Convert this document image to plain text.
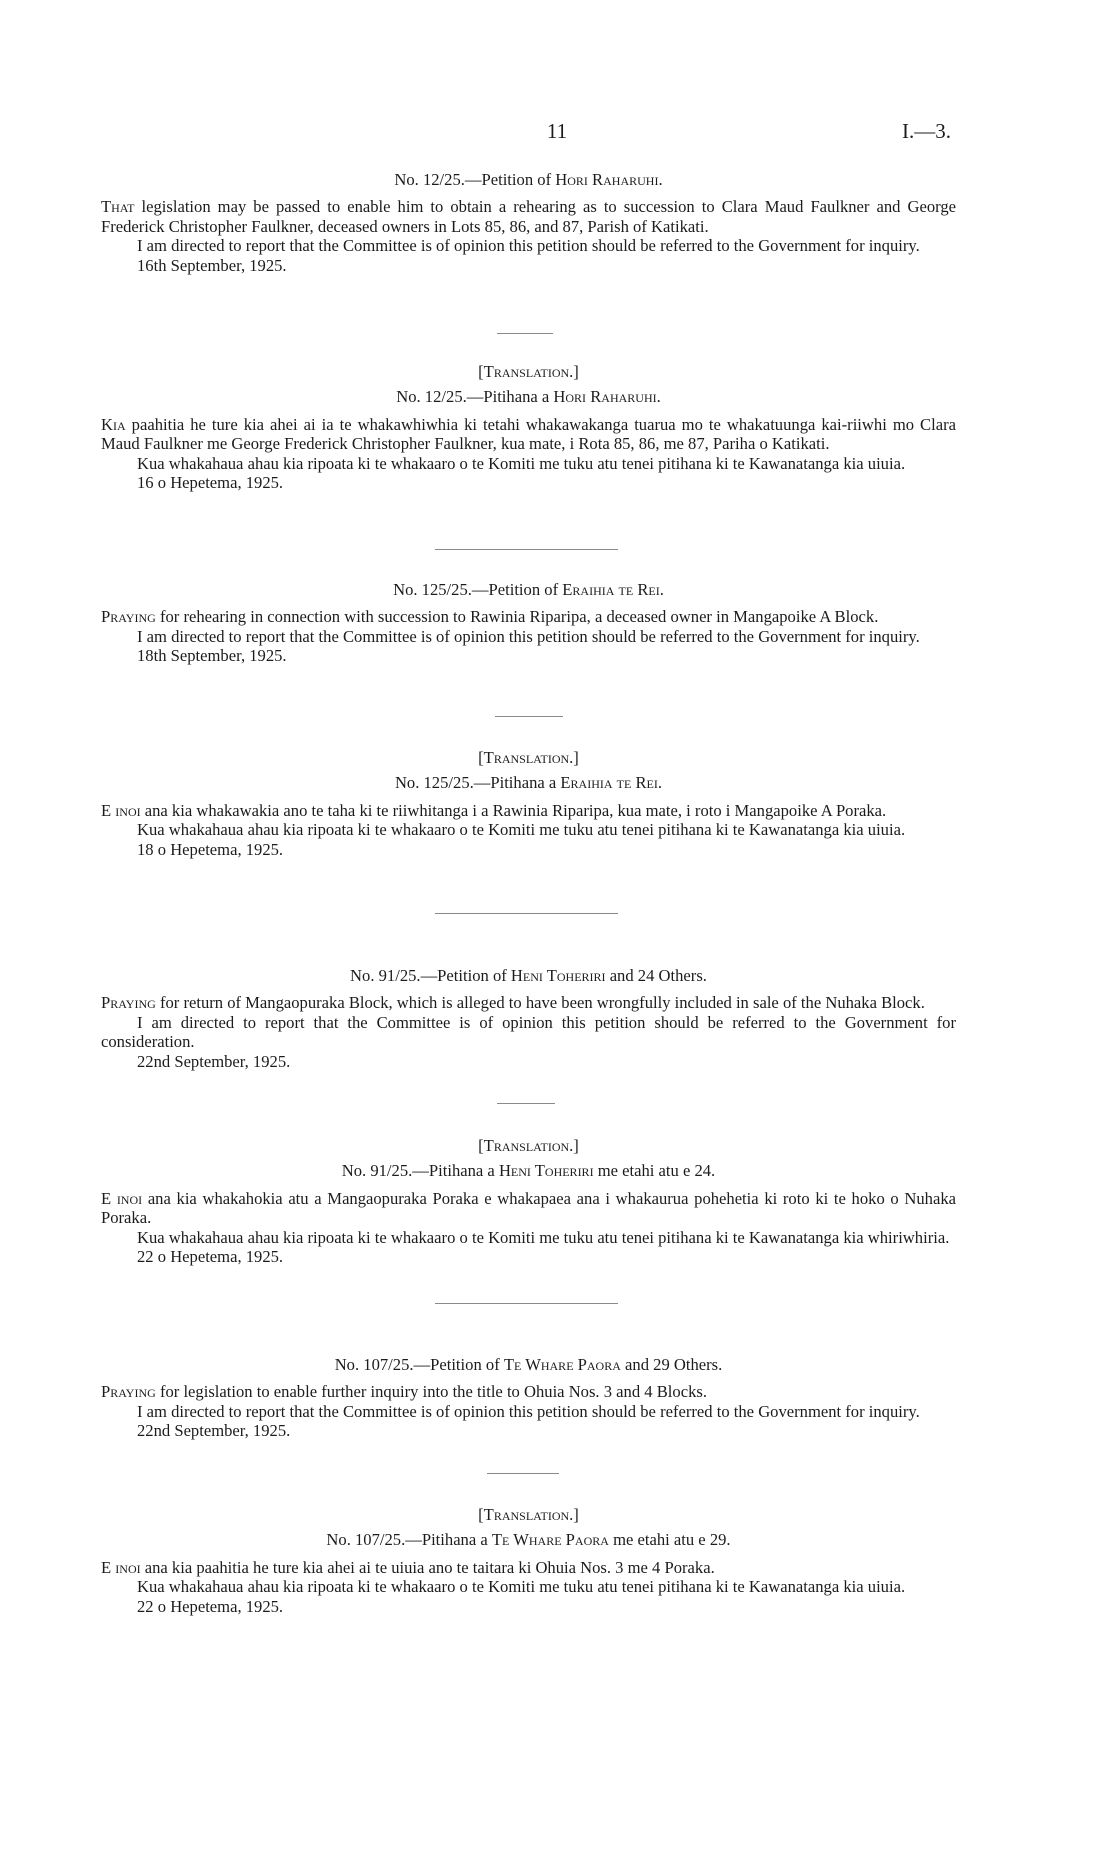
11	I.—3.
No. 12/25.—Petition of Hori Raharuhi.

That legislation may be passed to enable him to obtain a rehearing as to succession to Clara Maud Faulkner and George Frederick Christopher Faulkner, deceased owners in Lots 85, 86, and 87, Parish of Katikati.

I am directed to report that the Committee is of opinion this petition should be referred to the Government for inquiry.

16th September, 1925.

[Translation.]
No. 12/25.—Pitihana a Hori Raharuhi.

Kia paahitia he ture kia ahei ai ia te whakawhiwhia ki tetahi whakawakanga tuarua mo te whakatuunga kai-riiwhi mo Clara Maud Faulkner me George Frederick Christopher Faulkner, kua mate, i Rota 85, 86, me 87, Pariha o Katikati.

Kua whakahaua ahau kia ripoata ki te whakaaro o te Komiti me tuku atu tenei pitihana ki te Kawanatanga kia uiuia.

16 o Hepetema, 1925.

No. 125/25.—Petition of Eraihia te Rei.

Praying for rehearing in connection with succession to Rawinia Riparipa, a deceased owner in Mangapoike A Block.

I am directed to report that the Committee is of opinion this petition should be referred to the Government for inquiry.

18th September, 1925.

[Translation.]
No. 125/25.—Pitihana a Eraihia te Rei.

E inoi ana kia whakawakia ano te taha ki te riiwhitanga i a Rawinia Riparipa, kua mate, i roto i Mangapoike A Poraka.

Kua whakahaua ahau kia ripoata ki te whakaaro o te Komiti me tuku atu tenei pitihana ki te Kawanatanga kia uiuia.

18 o Hepetema, 1925.

No. 91/25.—Petition of Heni Toheriri and 24 Others.

Praying for return of Mangaopuraka Block, which is alleged to have been wrongfully included in sale of the Nuhaka Block.

I am directed to report that the Committee is of opinion this petition should be referred to the Government for consideration.

22nd September, 1925.

[Translation.]
No. 91/25.—Pitihana a Heni Toheriri me etahi atu e 24.

E inoi ana kia whakahokia atu a Mangaopuraka Poraka e whakapaea ana i whakaurua pohehetia ki roto ki te hoko o Nuhaka Poraka.

Kua whakahaua ahau kia ripoata ki te whakaaro o te Komiti me tuku atu tenei pitihana ki te Kawanatanga kia whiriwhiria.

22 o Hepetema, 1925.

No. 107/25.—Petition of Te Whare Paora and 29 Others.

Praying for legislation to enable further inquiry into the title to Ohuia Nos. 3 and 4 Blocks.

I am directed to report that the Committee is of opinion this petition should be referred to the Government for inquiry.

22nd September, 1925.

[Translation.]
No. 107/25.—Pitihana a Te Whare Paora me etahi atu e 29.

E inoi ana kia paahitia he ture kia ahei ai te uiuia ano te taitara ki Ohuia Nos. 3 me 4 Poraka.

Kua whakahaua ahau kia ripoata ki te whakaaro o te Komiti me tuku atu tenei pitihana ki te Kawanatanga kia uiuia.

22 o Hepetema, 1925.
